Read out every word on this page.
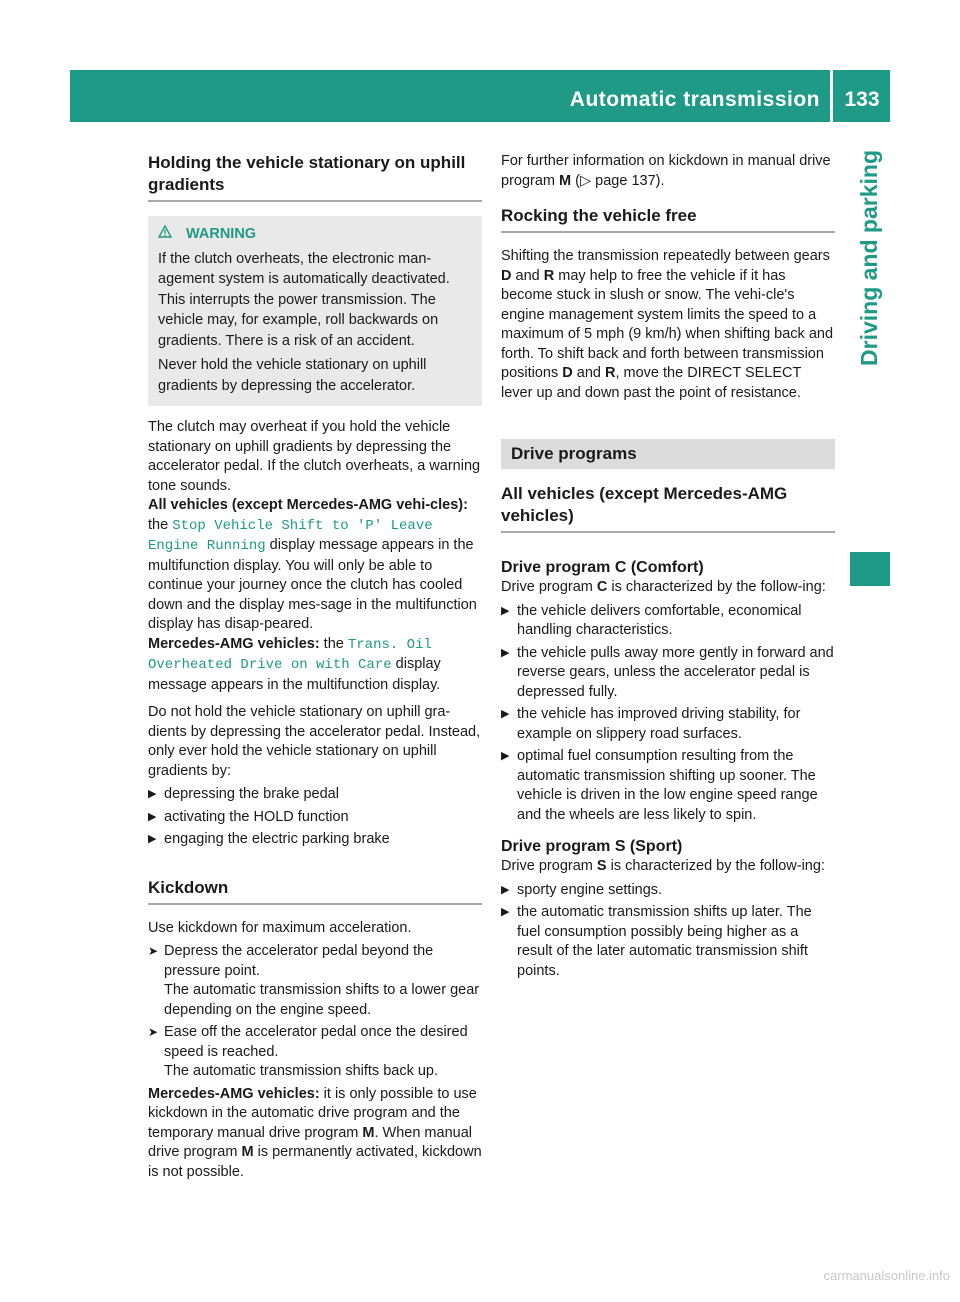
Automatic transmission	133
Driving and parking
Holding the vehicle stationary on uphill gradients
WARNING

If the clutch overheats, the electronic man-agement system is automatically deactivated. This interrupts the power transmission. The vehicle may, for example, roll backwards on gradients. There is a risk of an accident.

Never hold the vehicle stationary on uphill gradients by depressing the accelerator.

The clutch may overheat if you hold the vehicle stationary on uphill gradients by depressing the accelerator pedal. If the clutch overheats, a warning tone sounds.

All vehicles (except Mercedes-AMG vehi-cles): the Stop Vehicle Shift to 'P' Leave Engine Running display message appears in the multifunction display. You will only be able to continue your journey once the clutch has cooled down and the display mes-sage in the multifunction display has disap-peared.

Mercedes-AMG vehicles: the Trans. Oil Overheated Drive on with Care display message appears in the multifunction display.

Do not hold the vehicle stationary on uphill gra-dients by depressing the accelerator pedal. Instead, only ever hold the vehicle stationary on uphill gradients by:

▶ depressing the brake pedal
▶ activating the HOLD function
▶ engaging the electric parking brake
Kickdown

Use kickdown for maximum acceleration.

➤ Depress the accelerator pedal beyond the pressure point.
The automatic transmission shifts to a lower gear depending on the engine speed.
➤ Ease off the accelerator pedal once the desired speed is reached.
The automatic transmission shifts back up.

Mercedes-AMG vehicles: it is only possible to use kickdown in the automatic drive program and the temporary manual drive program M. When manual drive program M is permanently activated, kickdown is not possible.

For further information on kickdown in manual drive program M (▷ page 137).

Rocking the vehicle free

Shifting the transmission repeatedly between gears D and R may help to free the vehicle if it has become stuck in slush or snow. The vehi-cle's engine management system limits the speed to a maximum of 5 mph (9 km/h) when shifting back and forth. To shift back and forth between transmission positions D and R, move the DIRECT SELECT lever up and down past the point of resistance.

Drive programs
All vehicles (except Mercedes-AMG vehicles)
Drive program C (Comfort)

Drive program C is characterized by the follow-ing:

▶ the vehicle delivers comfortable, economical handling characteristics.
▶ the vehicle pulls away more gently in forward and reverse gears, unless the accelerator pedal is depressed fully.
▶ the vehicle has improved driving stability, for example on slippery road surfaces.
▶ optimal fuel consumption resulting from the automatic transmission shifting up sooner. The vehicle is driven in the low engine speed range and the wheels are less likely to spin.
Drive program S (Sport)

Drive program S is characterized by the follow-ing:

▶ sporty engine settings.
▶ the automatic transmission shifts up later. The fuel consumption possibly being higher as a result of the later automatic transmission shift points.
carmanualsonline.info
